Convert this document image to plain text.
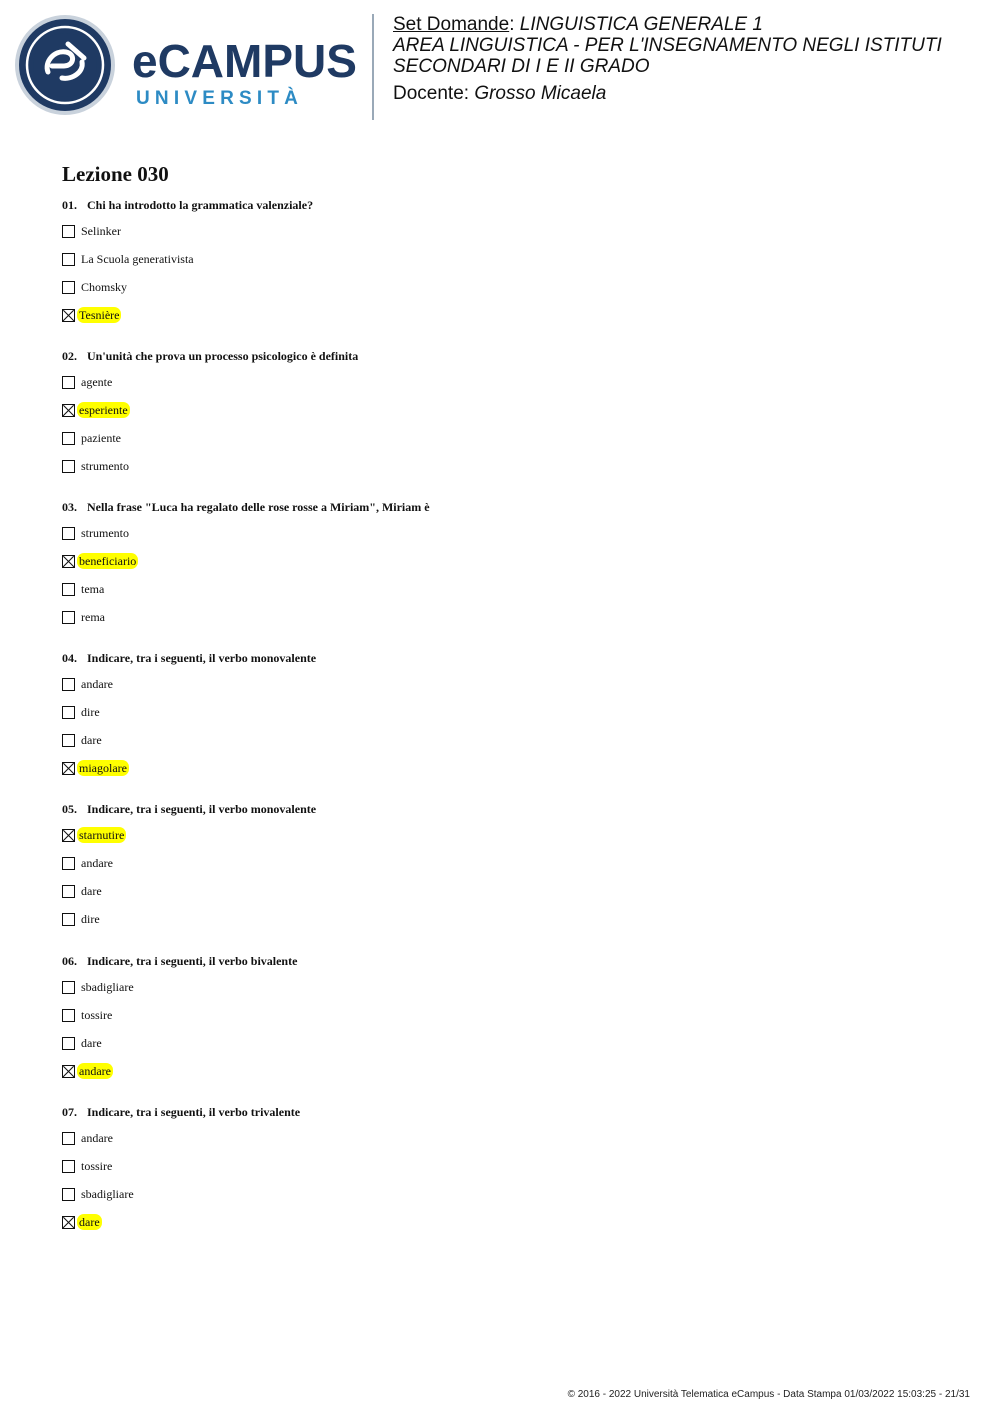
eCAMPUS
UNIVERSITÀ
Set Domande: LINGUISTICA GENERALE 1
AREA LINGUISTICA - PER L'INSEGNAMENTO NEGLI ISTITUTI SECONDARI DI I E II GRADO
Docente: Grosso Micaela
Lezione 030
01. Chi ha introdotto la grammatica valenziale?
Selinker
La Scuola generativista
Chomsky
Tesnière
02. Un'unità che prova un processo psicologico è definita
agente
esperiente
paziente
strumento
03. Nella frase "Luca ha regalato delle rose rosse a Miriam", Miriam è
strumento
beneficiario
tema
rema
04. Indicare, tra i seguenti, il verbo monovalente
andare
dire
dare
miagolare
05. Indicare, tra i seguenti, il verbo monovalente
starnutire
andare
dare
dire
06. Indicare, tra i seguenti, il verbo bivalente
sbadigliare
tossire
dare
andare
07. Indicare, tra i seguenti, il verbo trivalente
andare
tossire
sbadigliare
dare
© 2016 - 2022 Università Telematica eCampus - Data Stampa 01/03/2022 15:03:25 - 21/31
